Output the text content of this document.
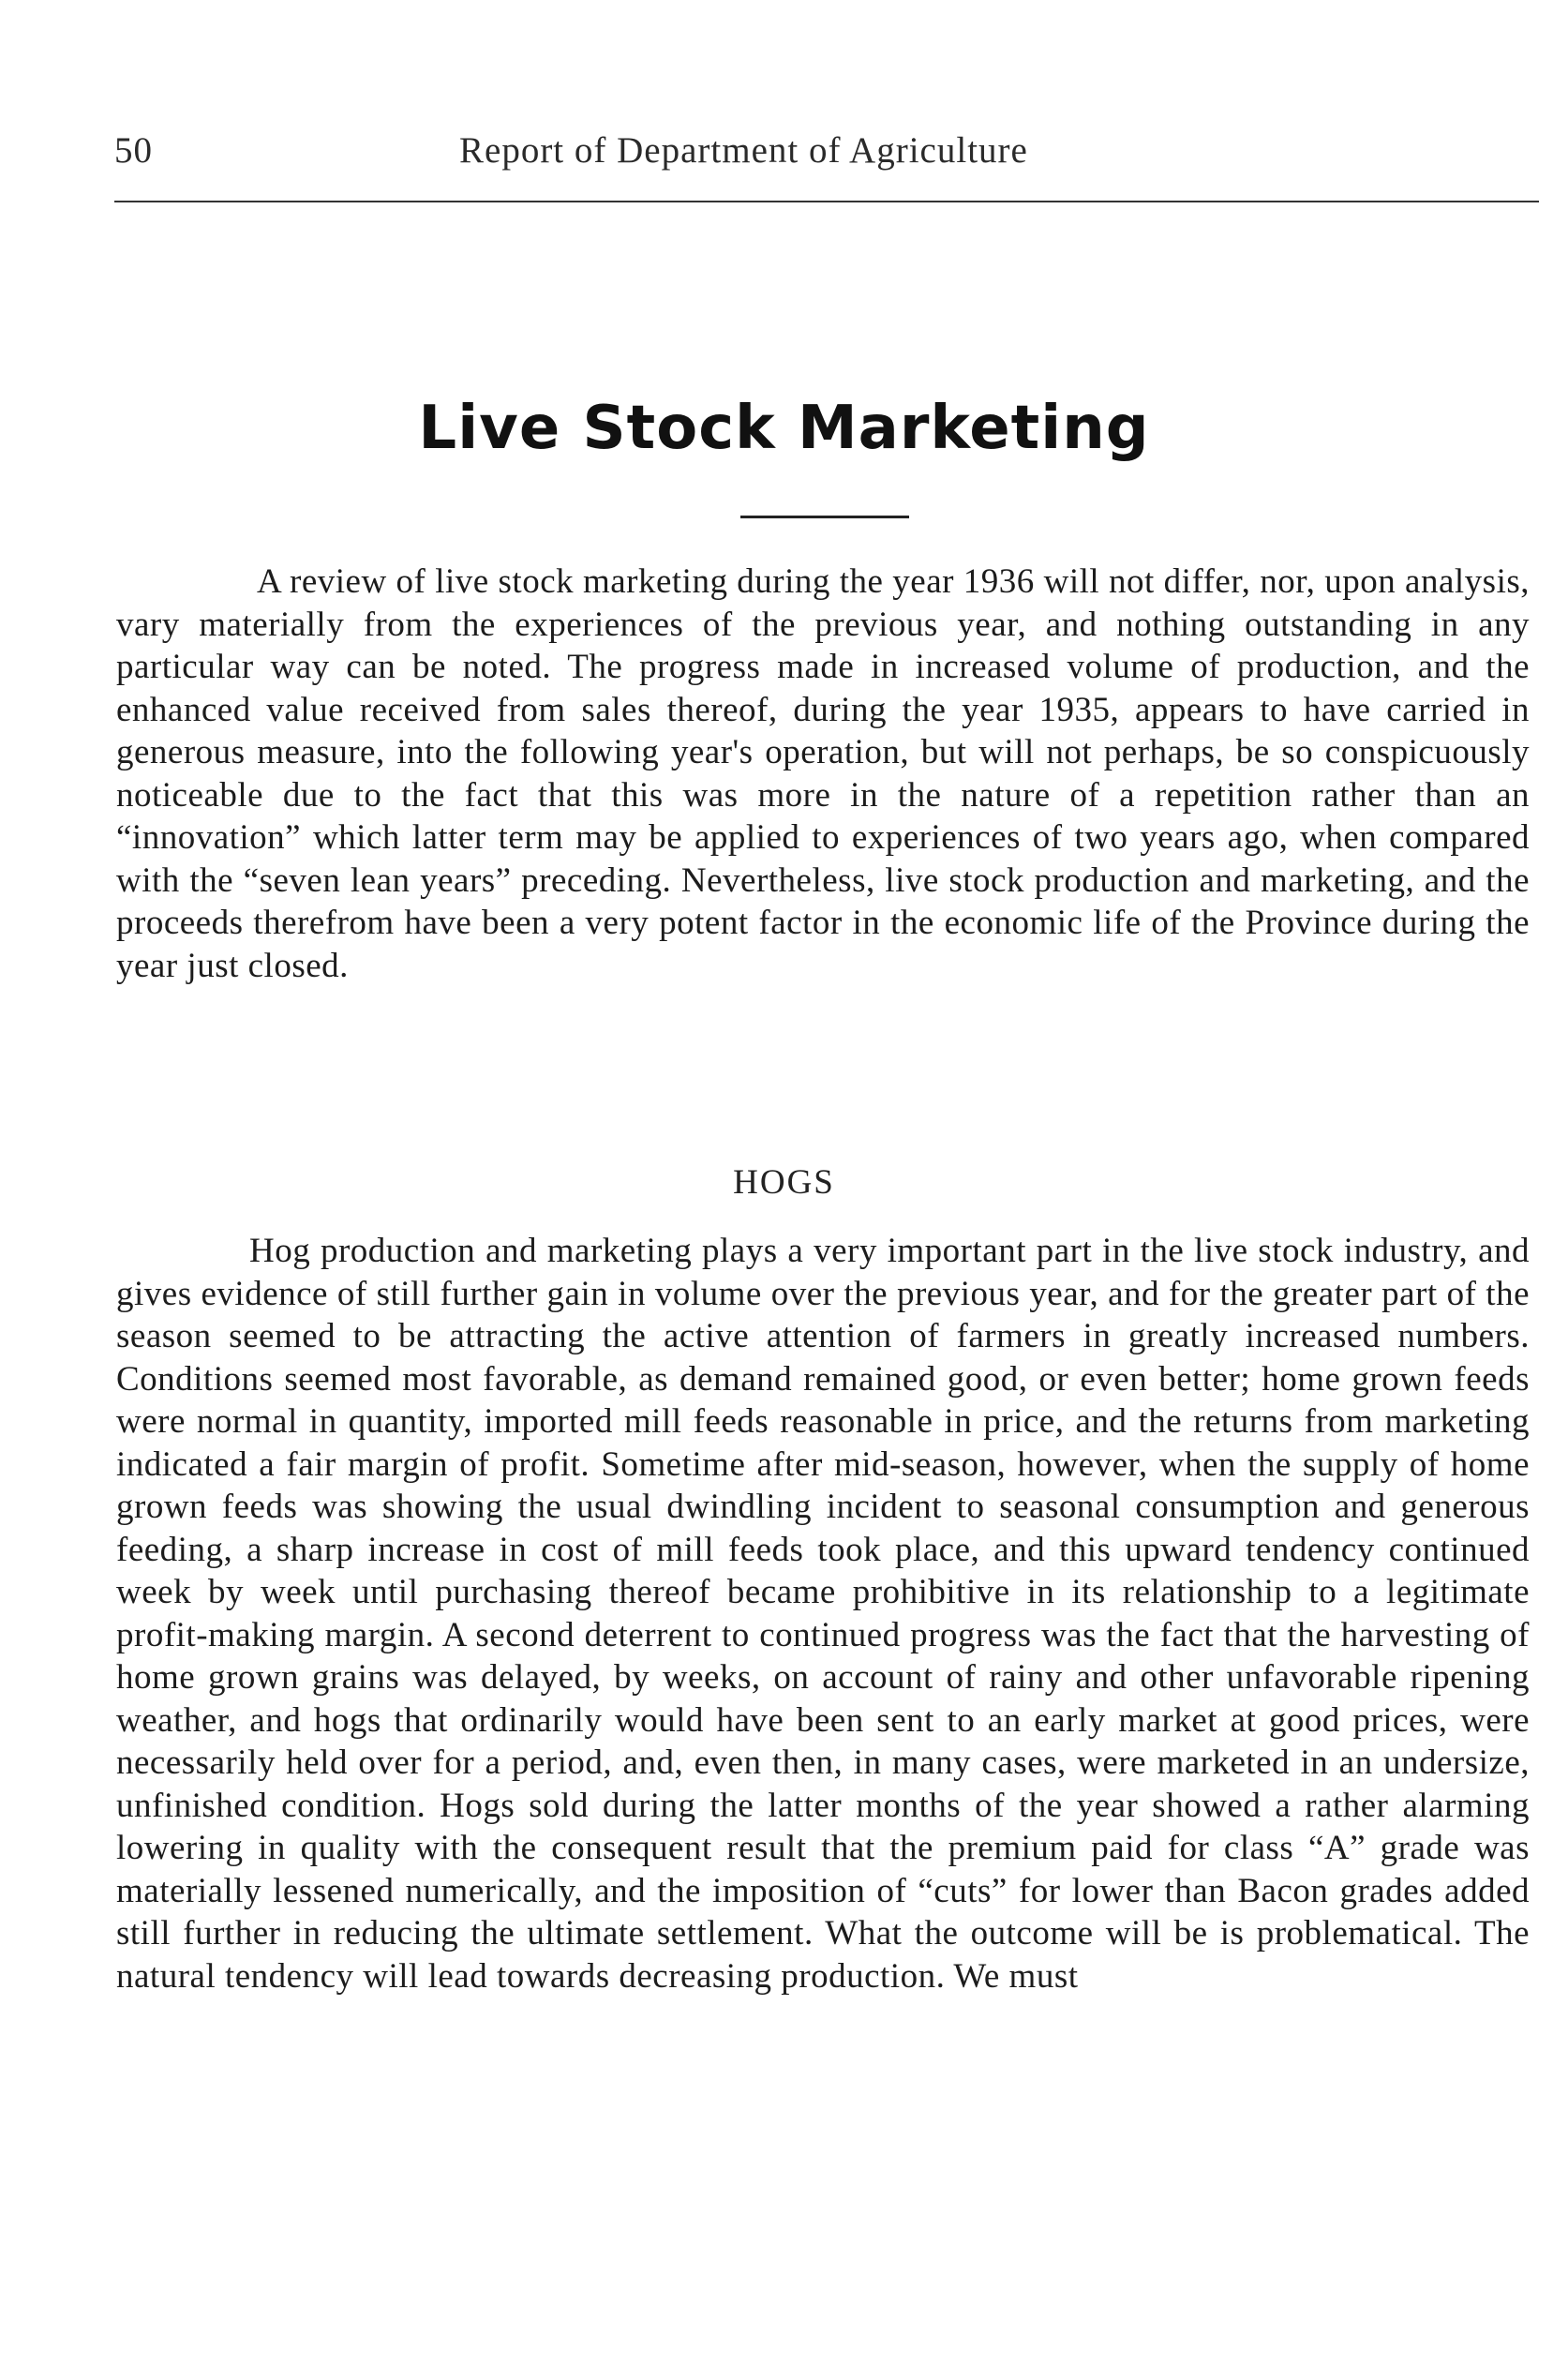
50	Report of Department of Agriculture
Live Stock Marketing

A review of live stock marketing during the year 1936 will not differ, nor, upon analysis, vary materially from the experiences of the previous year, and nothing outstanding in any particular way can be noted. The progress made in increased volume of production, and the enhanced value received from sales thereof, during the year 1935, appears to have carried in generous measure, into the following year's operation, but will not perhaps, be so conspicuously noticeable due to the fact that this was more in the nature of a repetition rather than an “innovation” which latter term may be applied to experiences of two years ago, when compared with the “seven lean years” preceding. Nevertheless, live stock production and marketing, and the proceeds therefrom have been a very potent factor in the economic life of the Province during the year just closed.

HOGS

Hog production and marketing plays a very important part in the live stock industry, and gives evidence of still further gain in volume over the previous year, and for the greater part of the season seemed to be attracting the active attention of farmers in greatly increased numbers. Conditions seemed most favorable, as demand remained good, or even better; home grown feeds were normal in quantity, imported mill feeds reasonable in price, and the returns from marketing indicated a fair margin of profit. Sometime after mid-season, however, when the supply of home grown feeds was showing the usual dwindling incident to seasonal consumption and generous feeding, a sharp increase in cost of mill feeds took place, and this upward tendency continued week by week until purchasing thereof became prohibitive in its relationship to a legitimate profit-making margin. A second deterrent to continued progress was the fact that the harvesting of home grown grains was delayed, by weeks, on account of rainy and other unfavorable ripening weather, and hogs that ordinarily would have been sent to an early market at good prices, were necessarily held over for a period, and, even then, in many cases, were marketed in an undersize, unfinished condition. Hogs sold during the latter months of the year showed a rather alarming lowering in quality with the consequent result that the premium paid for class “A” grade was materially lessened numerically, and the imposition of “cuts” for lower than Bacon grades added still further in reducing the ultimate settlement. What the outcome will be is problematical. The natural tendency will lead towards decreasing production. We must
